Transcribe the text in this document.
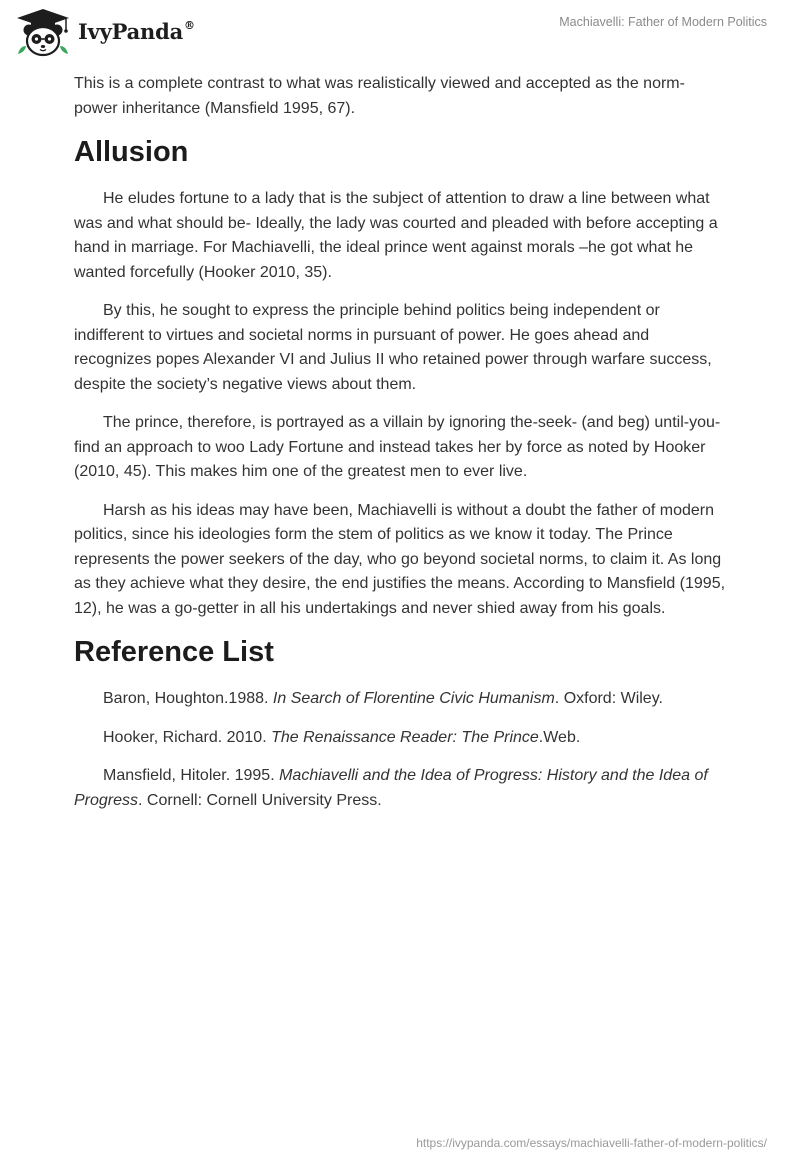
IvyPanda®	Machiavelli: Father of Modern Politics

This is a complete contrast to what was realistically viewed and accepted as the norm- power inheritance (Mansfield 1995, 67).

Allusion

He eludes fortune to a lady that is the subject of attention to draw a line between what was and what should be- Ideally, the lady was courted and pleaded with before accepting a hand in marriage. For Machiavelli, the ideal prince went against morals –he got what he wanted forcefully (Hooker 2010, 35).

By this, he sought to express the principle behind politics being independent or indifferent to virtues and societal norms in pursuant of power. He goes ahead and recognizes popes Alexander VI and Julius II who retained power through warfare success, despite the society’s negative views about them.

The prince, therefore, is portrayed as a villain by ignoring the-seek- (and beg) until-you- find an approach to woo Lady Fortune and instead takes her by force as noted by Hooker (2010, 45). This makes him one of the greatest men to ever live.

Harsh as his ideas may have been, Machiavelli is without a doubt the father of modern politics, since his ideologies form the stem of politics as we know it today. The Prince represents the power seekers of the day, who go beyond societal norms, to claim it. As long as they achieve what they desire, the end justifies the means. According to Mansfield (1995, 12), he was a go-getter in all his undertakings and never shied away from his goals.

Reference List

Baron, Houghton.1988. In Search of Florentine Civic Humanism. Oxford: Wiley.

Hooker, Richard. 2010. The Renaissance Reader: The Prince.Web.

Mansfield, Hitoler. 1995. Machiavelli and the Idea of Progress: History and the Idea of Progress. Cornell: Cornell University Press.

https://ivypanda.com/essays/machiavelli-father-of-modern-politics/
